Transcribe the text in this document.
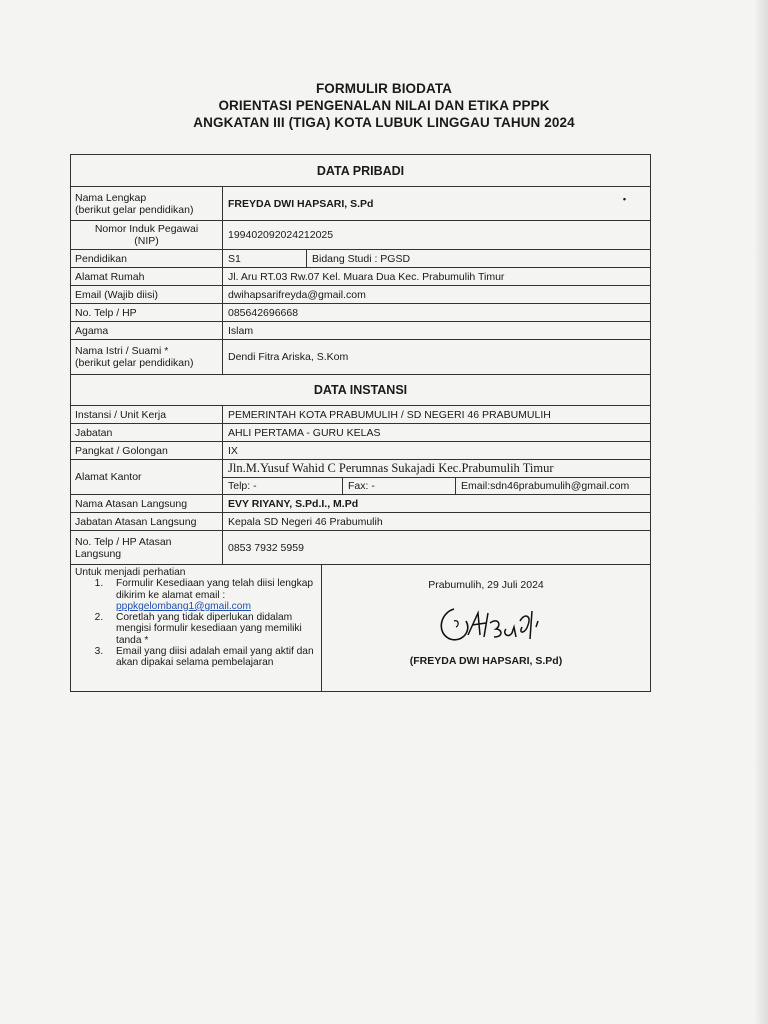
FORMULIR BIODATA
ORIENTASI PENGENALAN NILAI DAN ETIKA PPPK
ANGKATAN III (TIGA) KOTA LUBUK LINGGAU TAHUN 2024
DATA PRIBADI
Nama Lengkap
(berikut gelar pendidikan)	FREYDA DWI HAPSARI, S.Pd	•
Nomor Induk Pegawai
(NIP)	199402092024212025
Pendidikan	S1	Bidang Studi : PGSD
Alamat Rumah	Jl. Aru RT.03 Rw.07 Kel. Muara Dua Kec. Prabumulih Timur
Email (Wajib diisi)	dwihapsarifreyda@gmail.com
No. Telp / HP	085642696668
Agama	Islam
Nama Istri / Suami *
(berikut gelar pendidikan)	Dendi Fitra Ariska, S.Kom
DATA INSTANSI
Instansi / Unit Kerja	PEMERINTAH KOTA PRABUMULIH / SD NEGERI 46 PRABUMULIH
Jabatan	AHLI PERTAMA - GURU KELAS
Pangkat / Golongan	IX
Alamat Kantor
Jln.M.Yusuf Wahid C Perumnas Sukajadi Kec.Prabumulih Timur
Telp: -	Fax: -	Email:sdn46prabumulih@gmail.com
Nama Atasan Langsung	EVY RIYANY, S.Pd.I., M.Pd
Jabatan Atasan Langsung	Kepala SD Negeri 46 Prabumulih
No. Telp / HP Atasan
Langsung	0853 7932 5959
Untuk menjadi perhatian
1. Formulir Kesediaan yang telah diisi lengkap dikirim ke alamat email :
pppkgelombang1@gmail.com
2. Coretlah yang tidak diperlukan didalam mengisi formulir kesediaan yang memiliki tanda *
3. Email yang diisi adalah email yang aktif dan akan dipakai selama pembelajaran
Prabumulih, 29 Juli 2024
(FREYDA DWI HAPSARI, S.Pd)
